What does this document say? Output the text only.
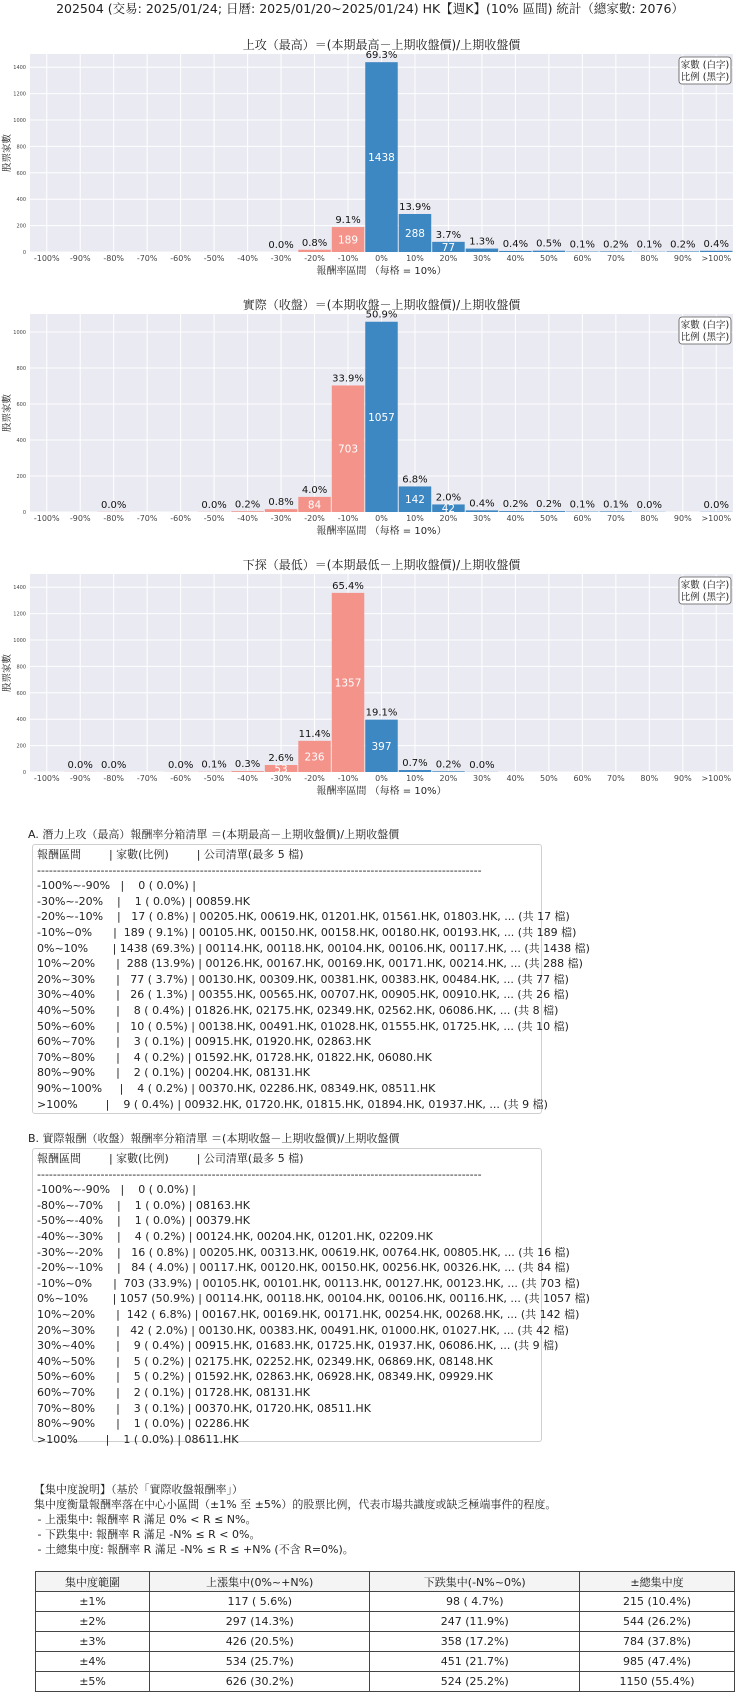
202504 (交易: 2025/01/24; 日曆: 2025/01/20~2025/01/24) HK【週K】(10% 區間) 統計（總家數: 2076）
上攻（最高）＝(本期最高－上期收盤價)/上期收盤價
0
200
400
600
800
1000
1200
1400
-100% -90% -80% -70% -60% -50% -40%
0.0%
-30%
0.8%
-20%
189
9.1%
-10%
1438
69.3%
0%
288
13.9%
10%
77
3.7%
20%
1.3%
30%
0.4%
40%
0.5%
50%
0.1%
60%
0.2%
70%
0.1%
80%
0.2%
90%
0.4%
>100%
報酬率區間 （每格 = 10%）
股票家數
家數 (白字)
比例 (黑字)
實際（收盤）＝(本期收盤－上期收盤價)/上期收盤價
0
200
400
600
800
1000
-100% -90%
0.0%
-80% -70% -60%
0.0%
-50%
0.2%
-40%
0.8%
-30%
84
4.0%
-20%
703
33.9%
-10%
1057
50.9%
0%
142
6.8%
10%
42
2.0%
20%
0.4%
30%
0.2%
40%
0.2%
50%
0.1%
60%
0.1%
70%
0.0%
80% 90%
0.0%
>100%
報酬率區間 （每格 = 10%）
股票家數
家數 (白字)
比例 (黑字)
下探（最低）＝(本期最低－上期收盤價)/上期收盤價
0
200
400
600
800
1000
1200
1400
-100%
0.0%
-90%
0.0%
-80% -70%
0.0%
-60%
0.1%
-50%
0.3%
-40%
53
2.6%
-30%
236
11.4%
-20%
1357
65.4%
-10%
397
19.1%
0%
0.7%
10%
0.2%
20%
0.0%
30% 40% 50% 60% 70% 80% 90% >100%
報酬率區間 （每格 = 10%）
股票家數
家數 (白字)
比例 (黑字)
A. 潛力上攻（最高）報酬率分箱清單 ＝(本期最高－上期收盤價)/上期收盤價
報酬區間        | 家數(比例)        | 公司清單(最多 5 檔)
----------------------------------------------------------------------------------------------------------------
-100%~-90%   |    0 ( 0.0%) |
-30%~-20%    |    1 ( 0.0%) | 00859.HK
-20%~-10%    |   17 ( 0.8%) | 00205.HK, 00619.HK, 01201.HK, 01561.HK, 01803.HK, ... (共 17 檔)
-10%~0%      |  189 ( 9.1%) | 00105.HK, 00150.HK, 00158.HK, 00180.HK, 00193.HK, ... (共 189 檔)
0%~10%       | 1438 (69.3%) | 00114.HK, 00118.HK, 00104.HK, 00106.HK, 00117.HK, ... (共 1438 檔)
10%~20%      |  288 (13.9%) | 00126.HK, 00167.HK, 00169.HK, 00171.HK, 00214.HK, ... (共 288 檔)
20%~30%      |   77 ( 3.7%) | 00130.HK, 00309.HK, 00381.HK, 00383.HK, 00484.HK, ... (共 77 檔)
30%~40%      |   26 ( 1.3%) | 00355.HK, 00565.HK, 00707.HK, 00905.HK, 00910.HK, ... (共 26 檔)
40%~50%      |    8 ( 0.4%) | 01826.HK, 02175.HK, 02349.HK, 02562.HK, 06086.HK, ... (共 8 檔)
50%~60%      |   10 ( 0.5%) | 00138.HK, 00491.HK, 01028.HK, 01555.HK, 01725.HK, ... (共 10 檔)
60%~70%      |    3 ( 0.1%) | 00915.HK, 01920.HK, 02863.HK
70%~80%      |    4 ( 0.2%) | 01592.HK, 01728.HK, 01822.HK, 06080.HK
80%~90%      |    2 ( 0.1%) | 00204.HK, 08131.HK
90%~100%     |    4 ( 0.2%) | 00370.HK, 02286.HK, 08349.HK, 08511.HK
>100%        |    9 ( 0.4%) | 00932.HK, 01720.HK, 01815.HK, 01894.HK, 01937.HK, ... (共 9 檔)
B. 實際報酬（收盤）報酬率分箱清單 ＝(本期收盤－上期收盤價)/上期收盤價
報酬區間        | 家數(比例)        | 公司清單(最多 5 檔)
----------------------------------------------------------------------------------------------------------------
-100%~-90%   |    0 ( 0.0%) |
-80%~-70%    |    1 ( 0.0%) | 08163.HK
-50%~-40%    |    1 ( 0.0%) | 00379.HK
-40%~-30%    |    4 ( 0.2%) | 00124.HK, 00204.HK, 01201.HK, 02209.HK
-30%~-20%    |   16 ( 0.8%) | 00205.HK, 00313.HK, 00619.HK, 00764.HK, 00805.HK, ... (共 16 檔)
-20%~-10%    |   84 ( 4.0%) | 00117.HK, 00120.HK, 00150.HK, 00256.HK, 00326.HK, ... (共 84 檔)
-10%~0%      |  703 (33.9%) | 00105.HK, 00101.HK, 00113.HK, 00127.HK, 00123.HK, ... (共 703 檔)
0%~10%       | 1057 (50.9%) | 00114.HK, 00118.HK, 00104.HK, 00106.HK, 00116.HK, ... (共 1057 檔)
10%~20%      |  142 ( 6.8%) | 00167.HK, 00169.HK, 00171.HK, 00254.HK, 00268.HK, ... (共 142 檔)
20%~30%      |   42 ( 2.0%) | 00130.HK, 00383.HK, 00491.HK, 01000.HK, 01027.HK, ... (共 42 檔)
30%~40%      |    9 ( 0.4%) | 00915.HK, 01683.HK, 01725.HK, 01937.HK, 06086.HK, ... (共 9 檔)
40%~50%      |    5 ( 0.2%) | 02175.HK, 02252.HK, 02349.HK, 06869.HK, 08148.HK
50%~60%      |    5 ( 0.2%) | 01592.HK, 02863.HK, 06928.HK, 08349.HK, 09929.HK
60%~70%      |    2 ( 0.1%) | 01728.HK, 08131.HK
70%~80%      |    3 ( 0.1%) | 00370.HK, 01720.HK, 08511.HK
80%~90%      |    1 ( 0.0%) | 02286.HK
>100%        |    1 ( 0.0%) | 08611.HK
【集中度說明】（基於「實際收盤報酬率」）
集中度衡量報酬率落在中心小區間（±1% 至 ±5%）的股票比例，代表市場共識度或缺乏極端事件的程度。
- 上漲集中: 報酬率 R 滿足 0% < R ≤ N%。
- 下跌集中: 報酬率 R 滿足 -N% ≤ R < 0%。
- 土總集中度: 報酬率 R 滿足 -N% ≤ R ≤ +N% (不含 R=0%)。
集中度範圍	上漲集中(0%~+N%)	下跌集中(-N%~0%)	±總集中度
±1%	117 ( 5.6%)	98 ( 4.7%)	215 (10.4%)
±2%	297 (14.3%)	247 (11.9%)	544 (26.2%)
±3%	426 (20.5%)	358 (17.2%)	784 (37.8%)
±4%	534 (25.7%)	451 (21.7%)	985 (47.4%)
±5%	626 (30.2%)	524 (25.2%)	1150 (55.4%)
